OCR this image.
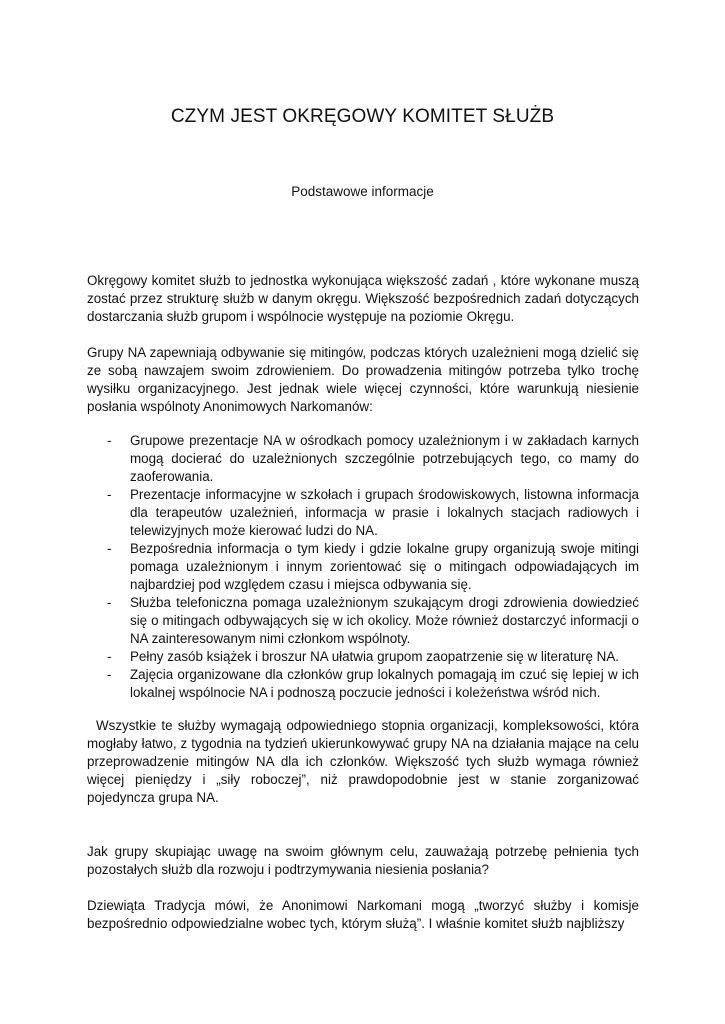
CZYM JEST OKRĘGOWY KOMITET SŁUŻB
Podstawowe informacje

Okręgowy komitet służb to jednostka wykonująca większość zadań , które wykonane muszą zostać przez strukturę służb w danym okręgu. Większość bezpośrednich zadań dotyczących dostarczania służb grupom i wspólnocie występuje na poziomie Okręgu.

Grupy NA zapewniają odbywanie się mitingów, podczas których uzależnieni mogą dzielić się ze sobą nawzajem swoim zdrowieniem. Do prowadzenia mitingów potrzeba tylko trochę wysiłku organizacyjnego. Jest jednak wiele więcej czynności, które warunkują niesienie posłania wspólnoty Anonimowych Narkomanów:

- Grupowe prezentacje NA w ośrodkach pomocy uzależnionym i w zakładach karnych mogą docierać do uzależnionych szczególnie potrzebujących tego, co mamy do zaoferowania.
- Prezentacje informacyjne w szkołach i grupach środowiskowych, listowna informacja dla terapeutów uzależnień, informacja w prasie i lokalnych stacjach radiowych i telewizyjnych może kierować ludzi do NA.
- Bezpośrednia informacja o tym kiedy i gdzie lokalne grupy organizują swoje mitingi pomaga uzależnionym i innym zorientować się o mitingach odpowiadających im najbardziej pod względem czasu i miejsca odbywania się.
- Służba telefoniczna pomaga uzależnionym szukającym drogi zdrowienia dowiedzieć się o mitingach odbywających się w ich okolicy. Może również dostarczyć informacji o NA zainteresowanym nimi członkom wspólnoty.
- Pełny zasób książek i broszur NA ułatwia grupom zaopatrzenie się w literaturę NA.
- Zajęcia organizowane dla członków grup lokalnych pomagają im czuć się lepiej w ich lokalnej wspólnocie NA i podnoszą poczucie jedności i koleżeństwa wśród nich.

Wszystkie te służby wymagają odpowiedniego stopnia organizacji, kompleksowości, która mogłaby łatwo, z tygodnia na tydzień ukierunkowywać grupy NA na działania mające na celu przeprowadzenie mitingów NA dla ich członków. Większość tych służb wymaga również więcej pieniędzy i „siły roboczej”, niż prawdopodobnie jest w stanie zorganizować pojedyncza grupa NA.

Jak grupy skupiając uwagę na swoim głównym celu, zauważają potrzebę pełnienia tych pozostałych służb dla rozwoju i podtrzymywania niesienia posłania?

Dziewiąta Tradycja mówi, że Anonimowi Narkomani mogą „tworzyć służby i komisje bezpośrednio odpowiedzialne wobec tych, którym służą”. I właśnie komitet służb najbliższy
